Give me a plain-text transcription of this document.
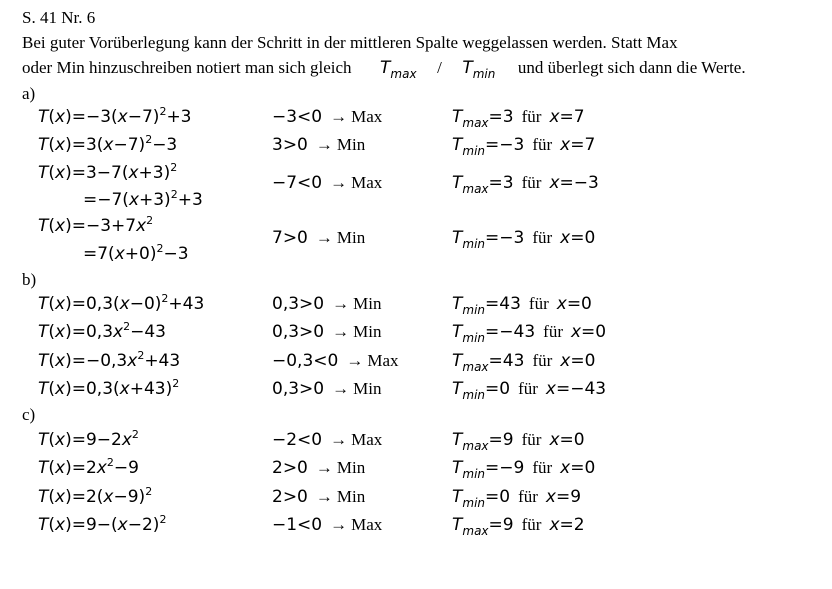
S. 41 Nr. 6
Bei guter Vorüberlegung kann der Schritt in der mittleren Spalte weggelassen werden. Statt Max
oder Min hinzuschreiben notiert man sich gleich $T_{max} / T_{min}$ und überlegt sich dann die Werte.
a)
$T(x)=-3(x-7)^2+3$	−3<0 → Max	$T_{max}=3$ für x=7
$T(x)=3(x-7)^2-3$	3>0 → Min	$T_{min}=-3$ für x=7
$T(x)=3-7(x+3)^2$
$=-7(x+3)^2+3$
−7<0 → Max	$T_{max}=3$ für x=−3
$T(x)=-3+7x^2$
$=7(x+0)^2-3$
7>0 → Min	$T_{min}=-3$ für x=0
b)
$T(x)=0,3(x-0)^2+43$	0,3>0 → Min	$T_{min}=43$ für x=0
$T(x)=0,3x^2-43$	0,3>0 → Min	$T_{min}=-43$ für x=0
$T(x)=-0,3x^2+43$	−0,3<0 → Max	$T_{max}=43$ für x=0
$T(x)=0,3(x+43)^2$	0,3>0 → Min	$T_{min}=0$ für x=−43
c)
$T(x)=9-2x^2$	−2<0 → Max	$T_{max}=9$ für x=0
$T(x)=2x^2-9$	2>0 → Min	$T_{min}=-9$ für x=0
$T(x)=2(x-9)^2$	2>0 → Min	$T_{min}=0$ für x=9
$T(x)=9-(x-2)^2$	−1<0 → Max	$T_{max}=9$ für x=2
